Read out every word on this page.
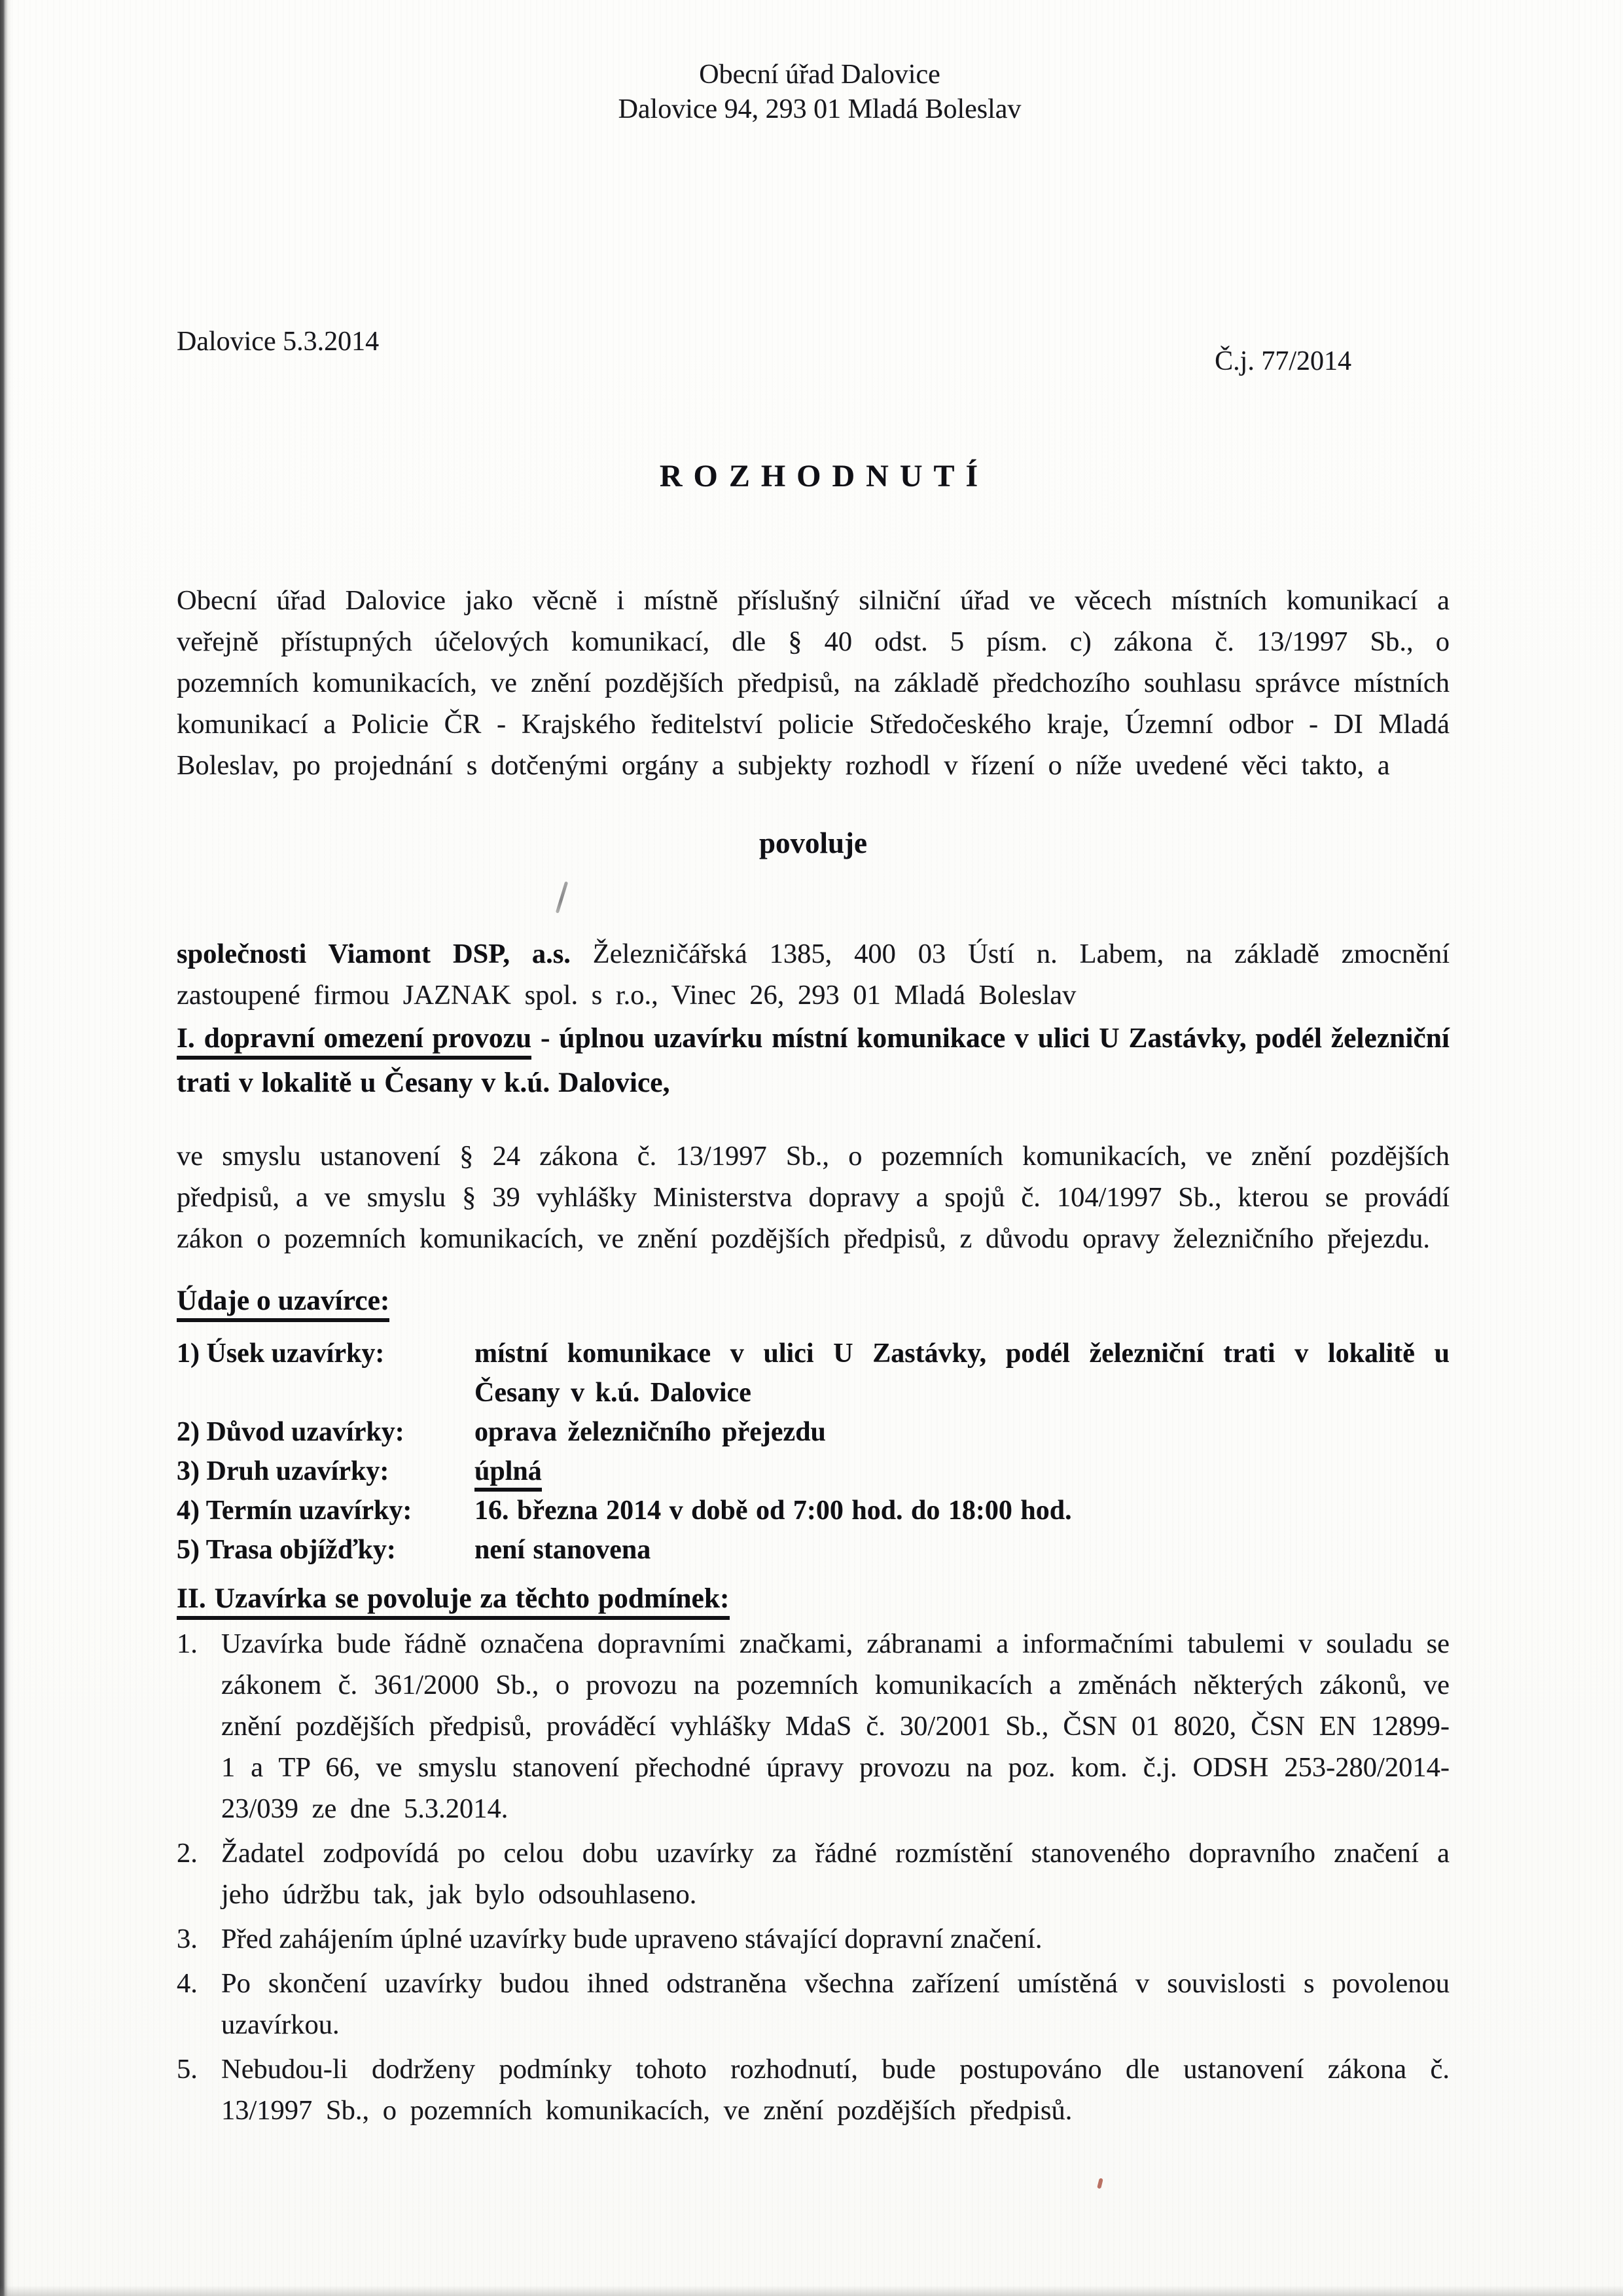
Obecní úřad Dalovice
Dalovice 94, 293 01 Mladá Boleslav
Č.j. 77/2014
Dalovice 5.3.2014
ROZHODNUTÍ

Obecní úřad Dalovice jako věcně i místně příslušný silniční úřad ve věcech místních komunikací a veřejně přístupných účelových komunikací, dle § 40 odst. 5 písm. c) zákona č. 13/1997 Sb., o pozemních komunikacích, ve znění pozdějších předpisů, na základě předchozího souhlasu správce místních komunikací a Policie ČR - Krajského ředitelství policie Středočeského kraje, Územní odbor - DI Mladá Boleslav, po projednání s dotčenými orgány a subjekty rozhodl v řízení o níže uvedené věci takto, a

povoluje

společnosti Viamont DSP, a.s. Železničářská 1385, 400 03 Ústí n. Labem, na základě zmocnění zastoupené firmou JAZNAK spol. s r.o., Vinec 26, 293 01 Mladá Boleslav

I. dopravní omezení provozu - úplnou uzavírku místní komunikace v ulici U Zastávky, podél železniční trati v lokalitě u Česany v k.ú. Dalovice,

ve smyslu ustanovení § 24 zákona č. 13/1997 Sb., o pozemních komunikacích, ve znění pozdějších předpisů, a ve smyslu § 39 vyhlášky Ministerstva dopravy a spojů č. 104/1997 Sb., kterou se provádí zákon o pozemních komunikacích, ve znění pozdějších předpisů, z důvodu opravy železničního přejezdu.

Údaje o uzavírce:
1) Úsek uzavírky:	místní komunikace v ulici U Zastávky, podél železniční trati v lokalitě u Česany v k.ú. Dalovice
2) Důvod uzavírky:	oprava železničního přejezdu
3) Druh uzavírky:	úplná
4) Termín uzavírky:	16. března 2014 v době od 7:00 hod. do 18:00 hod.
5) Trasa objížďky:	není stanovena
II. Uzavírka se povoluje za těchto podmínek:
1. Uzavírka bude řádně označena dopravními značkami, zábranami a informačními tabulemi v souladu se zákonem č. 361/2000 Sb., o provozu na pozemních komunikacích a změnách některých zákonů, ve znění pozdějších předpisů, prováděcí vyhlášky MdaS č. 30/2001 Sb., ČSN 01 8020, ČSN EN 12899-1 a TP 66, ve smyslu stanovení přechodné úpravy provozu na poz. kom. č.j. ODSH 253-280/2014-23/039 ze dne 5.3.2014.

2. Žadatel zodpovídá po celou dobu uzavírky za řádné rozmístění stanoveného dopravního značení a jeho údržbu tak, jak bylo odsouhlaseno.

3. Před zahájením úplné uzavírky bude upraveno stávající dopravní značení.

4. Po skončení uzavírky budou ihned odstraněna všechna zařízení umístěná v souvislosti s povolenou uzavírkou.

5. Nebudou-li dodrženy podmínky tohoto rozhodnutí, bude postupováno dle ustanovení zákona č. 13/1997 Sb., o pozemních komunikacích, ve znění pozdějších předpisů.
